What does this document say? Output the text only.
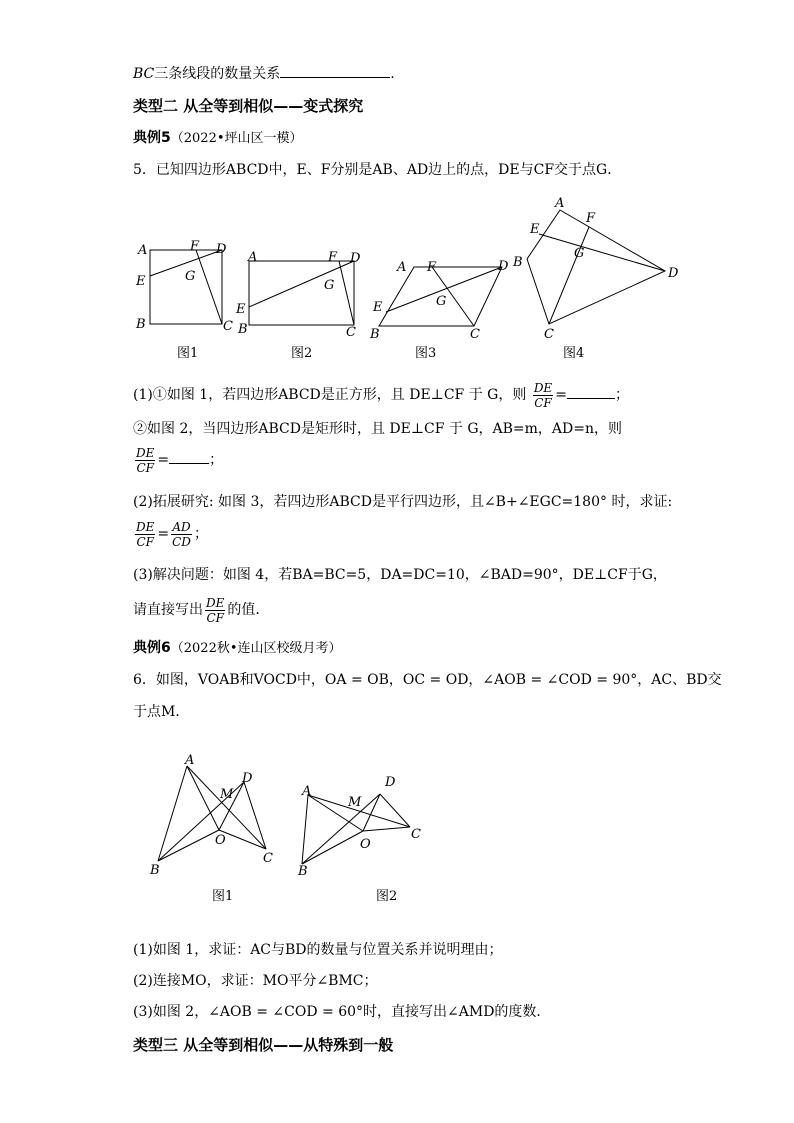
BC三条线段的数量关系	.
类型二 从全等到相似——变式探究
典例5（2022•坪山区一模）
5．已知四边形ABCD中，E、F分别是AB、AD边上的点，DE与CF交于点G．
A	D
F
E	G
B	C
A	F D
G
E
B	C
A F	D
G
E
B	C
A
F
E
G
B
D
C
图1	图2	图3	图4
(1)①如图 1，若四边形ABCD是正方形，且 DE⊥CF 于 G，则 $\frac{DE}{CF}$ =	；
②如图 2，当四边形ABCD是矩形时，且 DE⊥CF 于 G，AB=m，AD=n，则
$\frac{DE}{CF}$ =	；
(2)拓展研究: 如图 3，若四边形ABCD是平行四边形，且∠B+∠EGC=180° 时，求证:
$\frac{DE}{CF} = \frac{AD}{CD}$ ；
(3)解决问题：如图 4，若BA=BC=5，DA=DC=10，∠BAD=90°，DE⊥CF于G，
请直接写出 $\frac{DE}{CF}$ 的值．
典例6（2022秋•连山区校级月考）
6．如图，VOAB和VOCD中，OA = OB，OC = OD，∠AOB = ∠COD = 90°，AC、BD交
于点M．
A
D
M
O
B
C
A
D
M
O
B
C
图1	图2
(1)如图 1，求证：AC与BD的数量与位置关系并说明理由；
(2)连接MO，求证：MO平分∠BMC；
(3)如图 2，∠AOB = ∠COD = 60°时，直接写出∠AMD的度数．
类型三 从全等到相似——从特殊到一般
